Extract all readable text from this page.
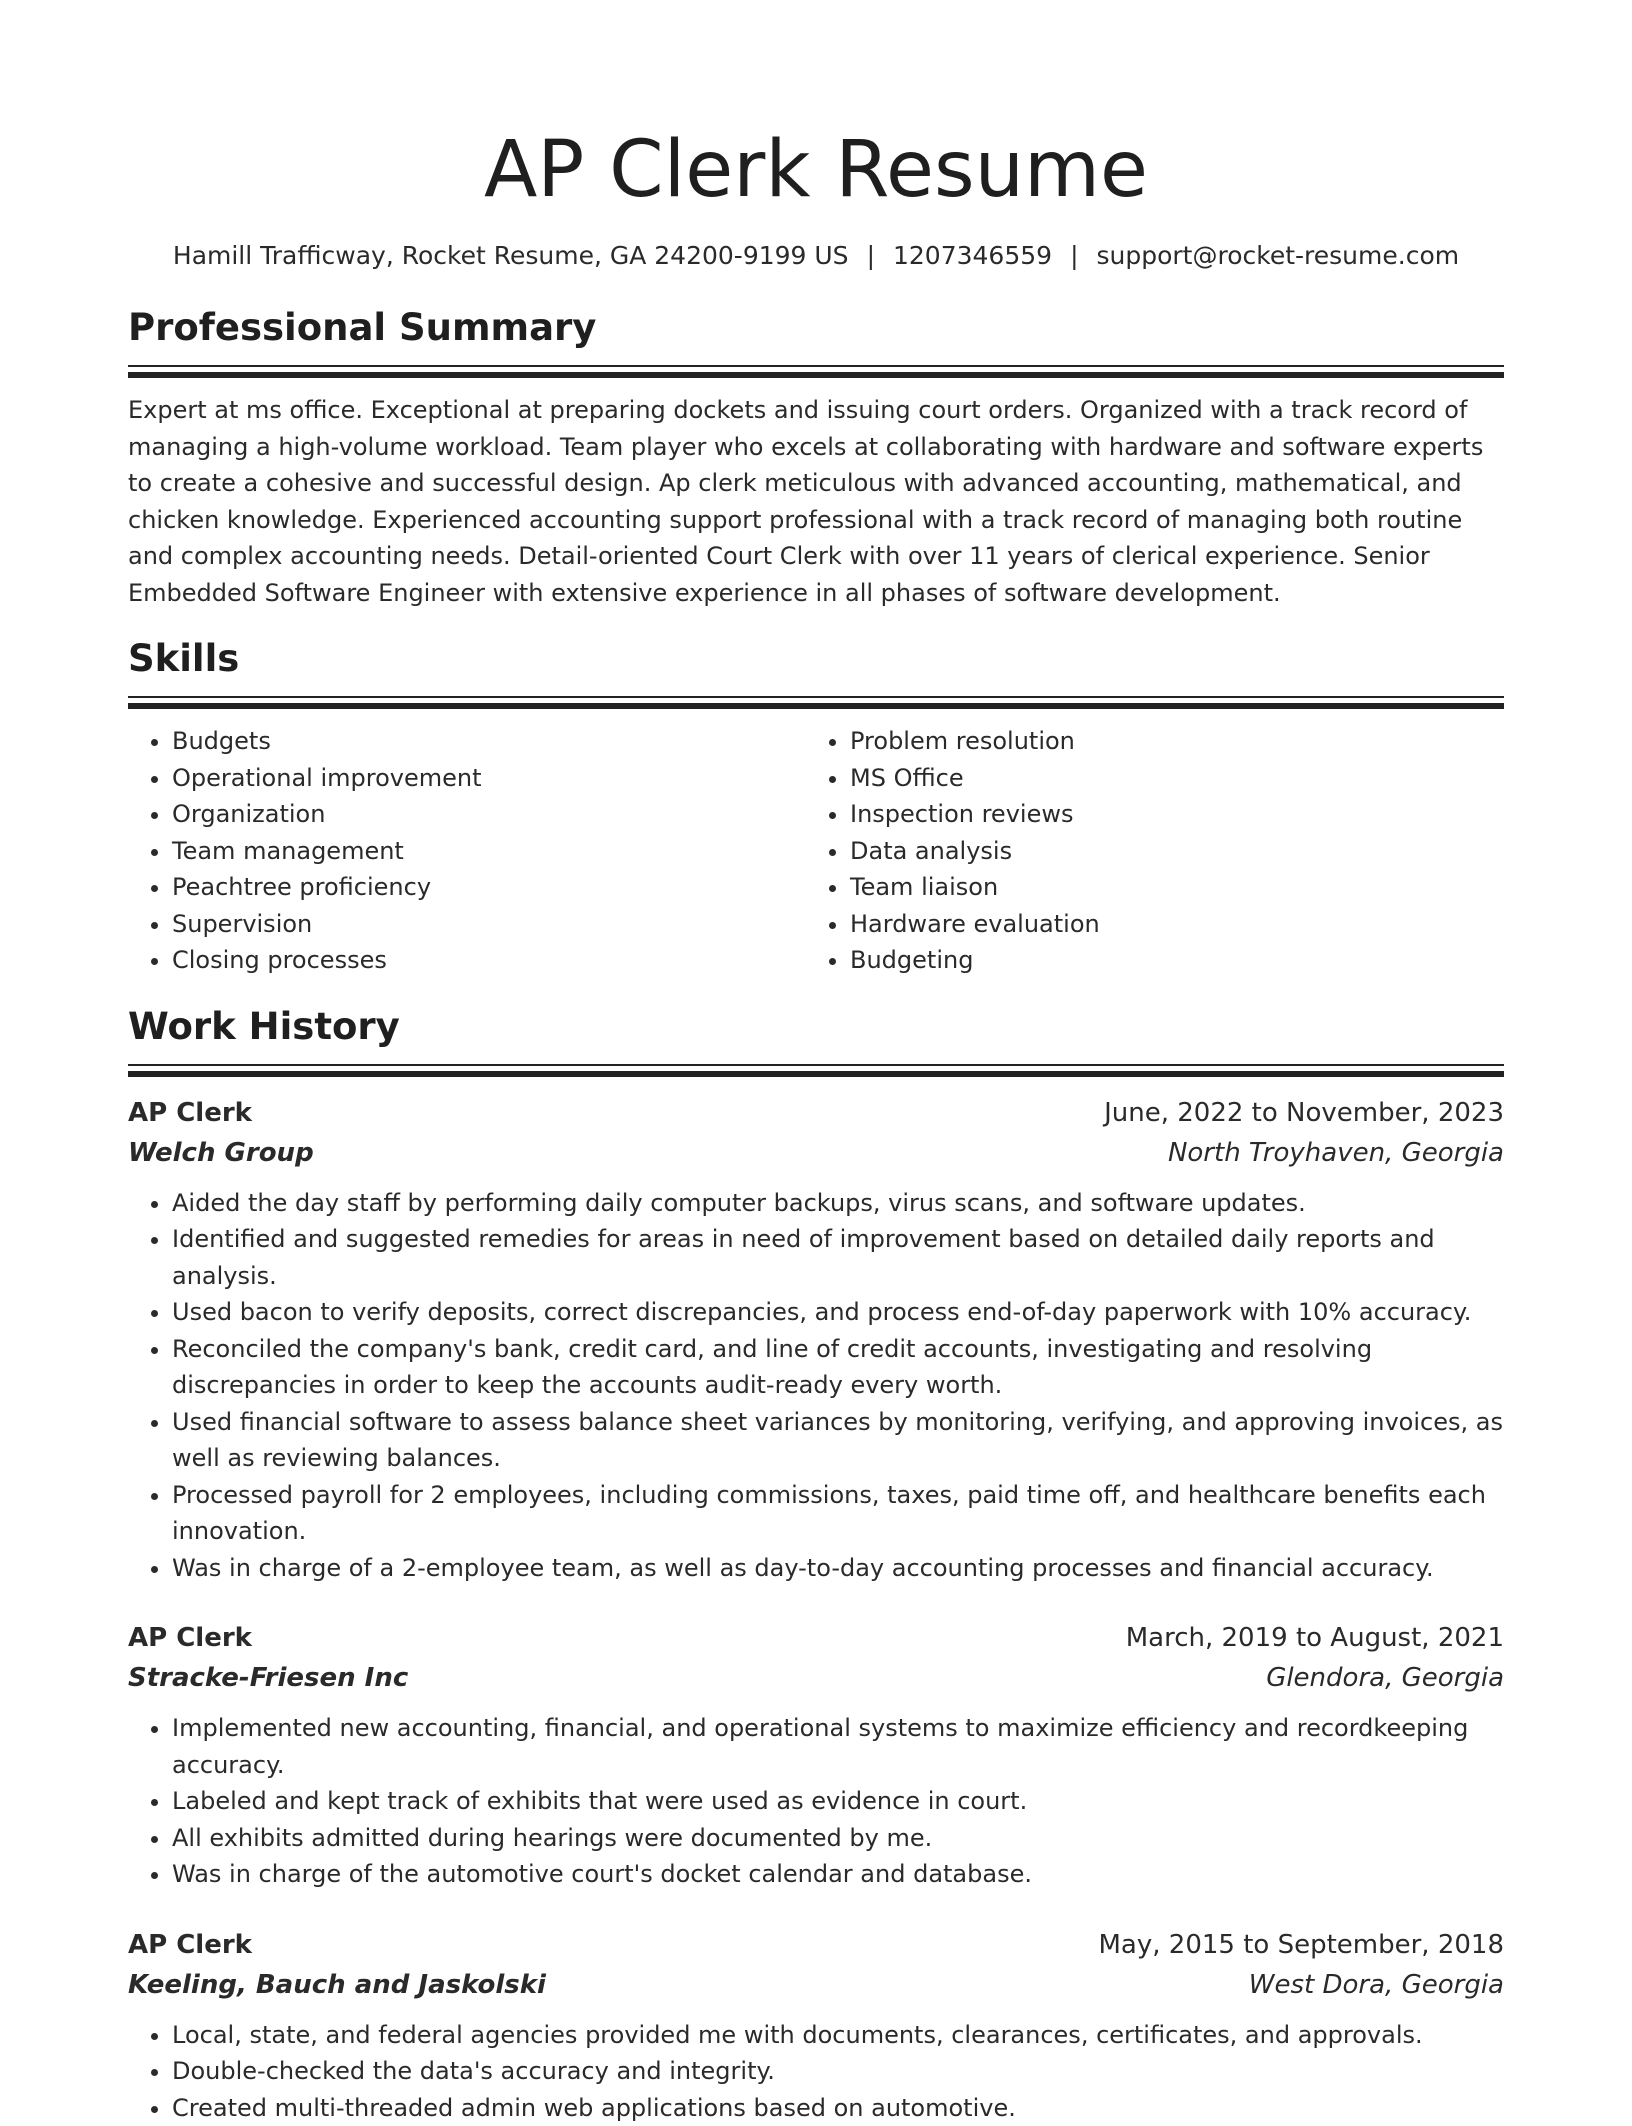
AP Clerk Resume
Hamill Trafficway, Rocket Resume, GA 24200-9199 US | 1207346559 | support@rocket-resume.com
Professional Summary
Expert at ms office. Exceptional at preparing dockets and issuing court orders. Organized with a track record of managing a high-volume workload. Team player who excels at collaborating with hardware and software experts to create a cohesive and successful design. Ap clerk meticulous with advanced accounting, mathematical, and chicken knowledge. Experienced accounting support professional with a track record of managing both routine and complex accounting needs. Detail-oriented Court Clerk with over 11 years of clerical experience. Senior Embedded Software Engineer with extensive experience in all phases of software development.
Skills
• Budgets
• Operational improvement
• Organization
• Team management
• Peachtree proficiency
• Supervision
• Closing processes
• Problem resolution
• MS Office
• Inspection reviews
• Data analysis
• Team liaison
• Hardware evaluation
• Budgeting
Work History
AP Clerk	June, 2022 to November, 2023
Welch Group	North Troyhaven, Georgia
• Aided the day staff by performing daily computer backups, virus scans, and software updates.
• Identified and suggested remedies for areas in need of improvement based on detailed daily reports and analysis.
• Used bacon to verify deposits, correct discrepancies, and process end-of-day paperwork with 10% accuracy.
• Reconciled the company's bank, credit card, and line of credit accounts, investigating and resolving discrepancies in order to keep the accounts audit-ready every worth.
• Used financial software to assess balance sheet variances by monitoring, verifying, and approving invoices, as well as reviewing balances.
• Processed payroll for 2 employees, including commissions, taxes, paid time off, and healthcare benefits each innovation.
• Was in charge of a 2-employee team, as well as day-to-day accounting processes and financial accuracy.
AP Clerk	March, 2019 to August, 2021
Stracke-Friesen Inc	Glendora, Georgia
• Implemented new accounting, financial, and operational systems to maximize efficiency and recordkeeping accuracy.
• Labeled and kept track of exhibits that were used as evidence in court.
• All exhibits admitted during hearings were documented by me.
• Was in charge of the automotive court's docket calendar and database.
AP Clerk	May, 2015 to September, 2018
Keeling, Bauch and Jaskolski	West Dora, Georgia
• Local, state, and federal agencies provided me with documents, clearances, certificates, and approvals.
• Double-checked the data's accuracy and integrity.
• Created multi-threaded admin web applications based on automotive.
